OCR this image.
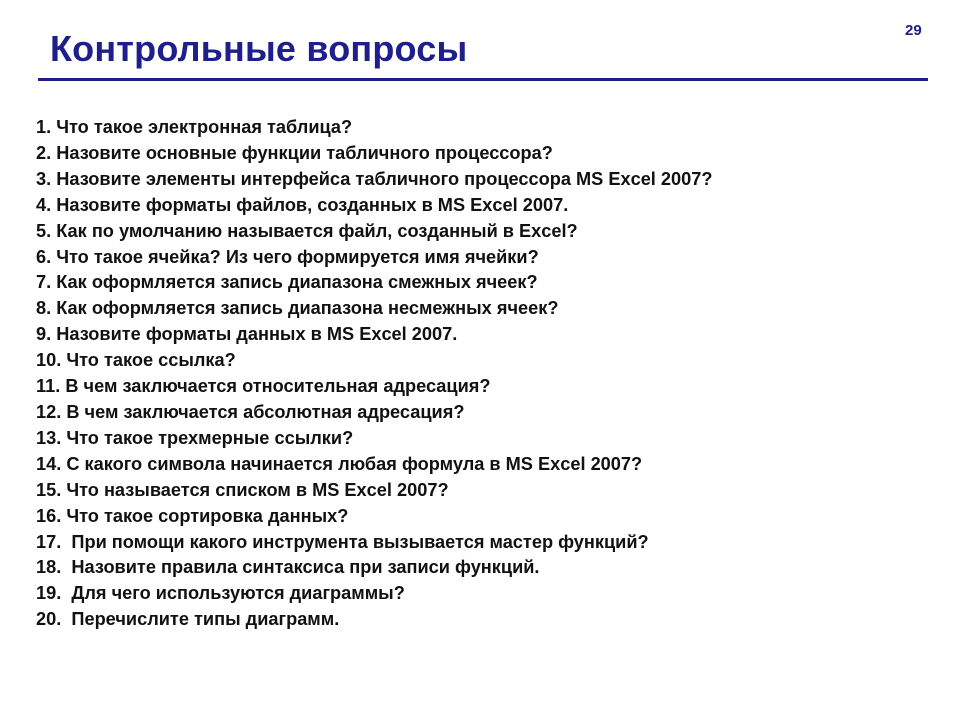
29
Контрольные вопросы
1. Что такое электронная таблица?
2. Назовите основные функции табличного процессора?
3. Назовите элементы интерфейса табличного процессора MS Excel 2007?
4. Назовите форматы файлов, созданных в MS Excel 2007.
5. Как по умолчанию называется файл, созданный в Excel?
6. Что такое ячейка? Из чего формируется имя ячейки?
7. Как оформляется запись диапазона смежных ячеек?
8. Как оформляется запись диапазона несмежных ячеек?
9. Назовите форматы данных в MS Excel 2007.
10. Что такое ссылка?
11. В чем заключается относительная адресация?
12. В чем заключается абсолютная адресация?
13. Что такое трехмерные ссылки?
14. С какого символа начинается любая формула в MS Excel 2007?
15. Что называется списком в MS Excel 2007?
16. Что такое сортировка данных?
17.  При помощи какого инструмента вызывается мастер функций?
18.  Назовите правила синтаксиса при записи функций.
19.  Для чего используются диаграммы?
20.  Перечислите типы диаграмм.
